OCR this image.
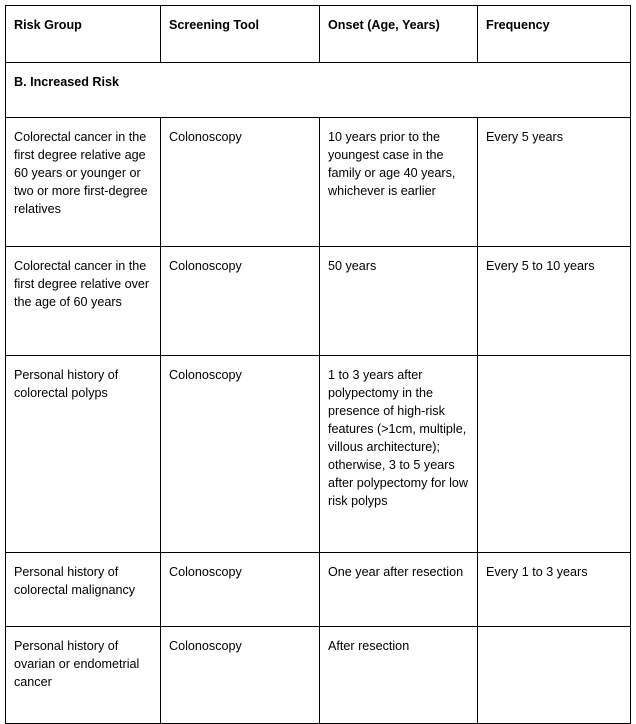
Risk Group	Screening Tool	Onset (Age, Years)	Frequency
B. Increased Risk			
Colorectal cancer in the first degree relative age 60 years or younger or two or more first-degree relatives	Colonoscopy	10 years prior to the youngest case in the family or age 40 years, whichever is earlier	Every 5 years
Colorectal cancer in the first degree relative over the age of 60 years	Colonoscopy	50 years	Every 5 to 10 years
Personal history of colorectal polyps	Colonoscopy	1 to 3 years after polypectomy in the presence of high-risk features (>1cm, multiple, villous architecture); otherwise, 3 to 5 years after polypectomy for low risk polyps	
Personal history of colorectal malignancy	Colonoscopy	One year after resection	Every 1 to 3 years
Personal history of ovarian or endometrial cancer	Colonoscopy	After resection	
